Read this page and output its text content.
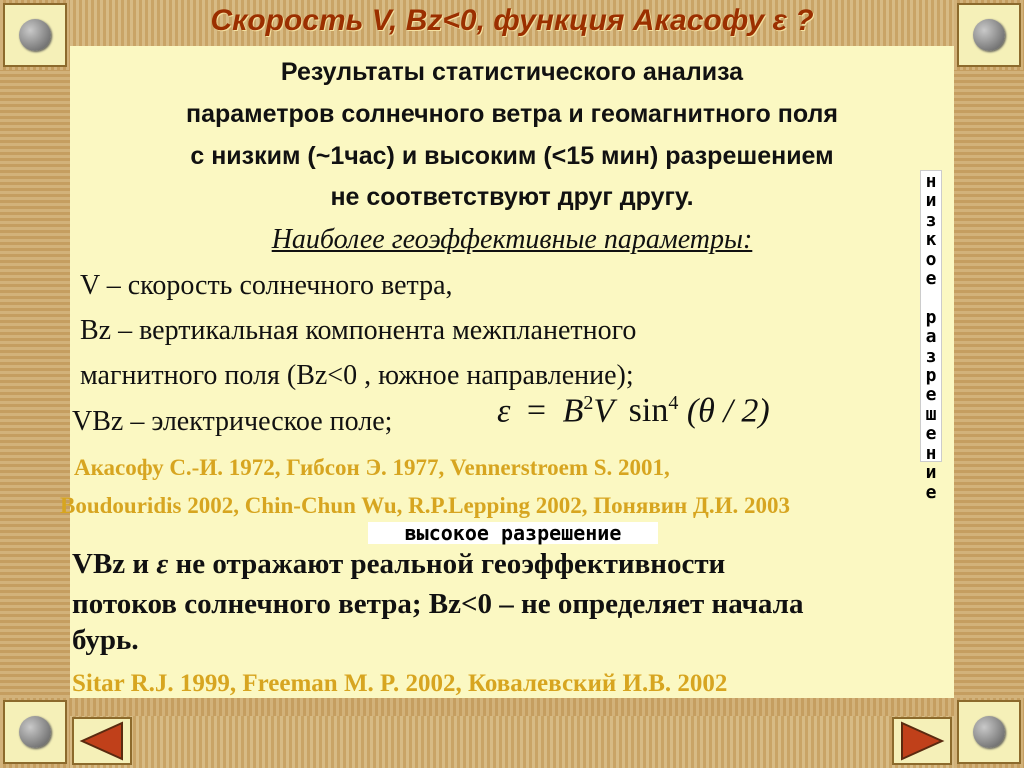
Скорость V, Bz<0, функция Акасофу ε ?
Результаты статистического анализа
параметров солнечного ветра и геомагнитного поля
с низким (~1час) и высоким (<15 мин) разрешением
не соответствуют друг другу.
Наиболее геоэффективные параметры:
V – скорость солнечного ветра,
Bz – вертикальная компонента межпланетного
магнитного поля (Bz<0 , южное направление);
VBz – электрическое поле;	$\varepsilon = B^2V$ $\sin^4 (\theta / 2)$
Акасофу С.-И. 1972, Гибсон Э. 1977, Vennerstroem S. 2001,
Boudouridis 2002, Chin-Chun Wu, R.P.Lepping 2002, Понявин Д.И. 2003
н
и
з
к
о
е

р
а
з
р
е
ш
е
н
и
е
высокое разрешение
VBz и ε не отражают реальной геоэффективности
потоков солнечного ветра; Bz<0 – не определяет начала
бурь.
Sitar R.J. 1999, Freeman M. P. 2002, Ковалевский И.В. 2002
